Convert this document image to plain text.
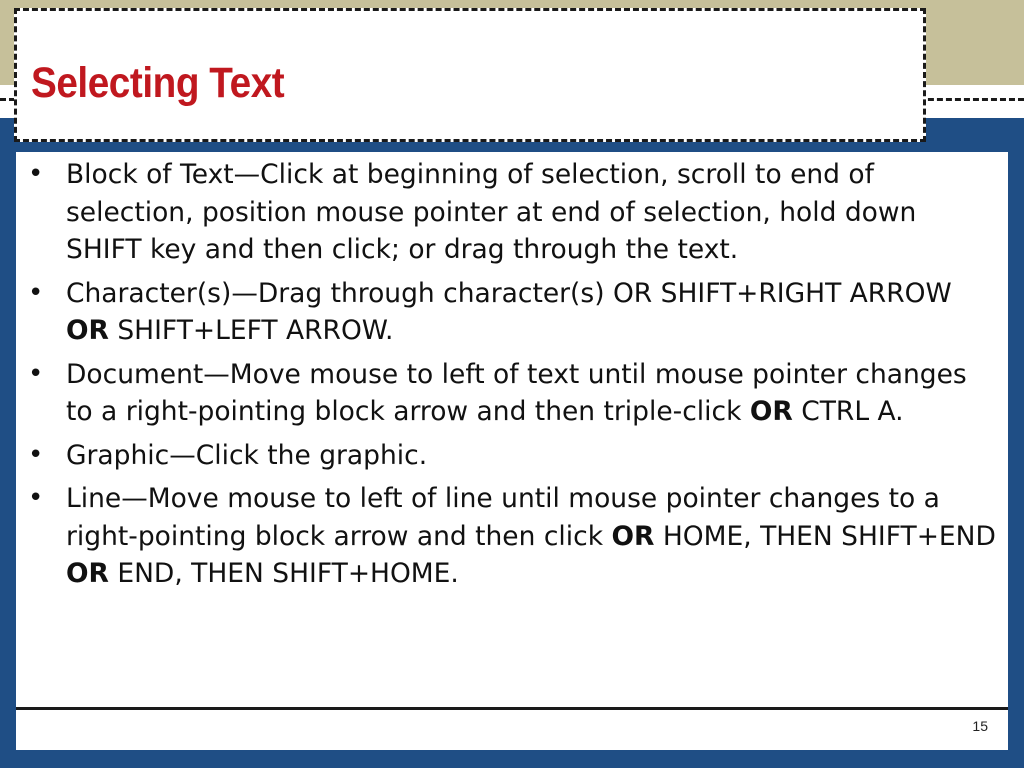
Selecting Text
• Block of Text—Click at beginning of selection, scroll to end of selection, position mouse pointer at end of selection, hold down SHIFT key and then click; or drag through the text.
• Character(s)—Drag through character(s) OR SHIFT+RIGHT ARROW OR SHIFT+LEFT ARROW.
• Document—Move mouse to left of text until mouse pointer changes to a right-pointing block arrow and then triple-click OR CTRL A.
• Graphic—Click the graphic.
• Line—Move mouse to left of line until mouse pointer changes to a right-pointing block arrow and then click OR HOME, THEN SHIFT+END OR END, THEN SHIFT+HOME.
15
